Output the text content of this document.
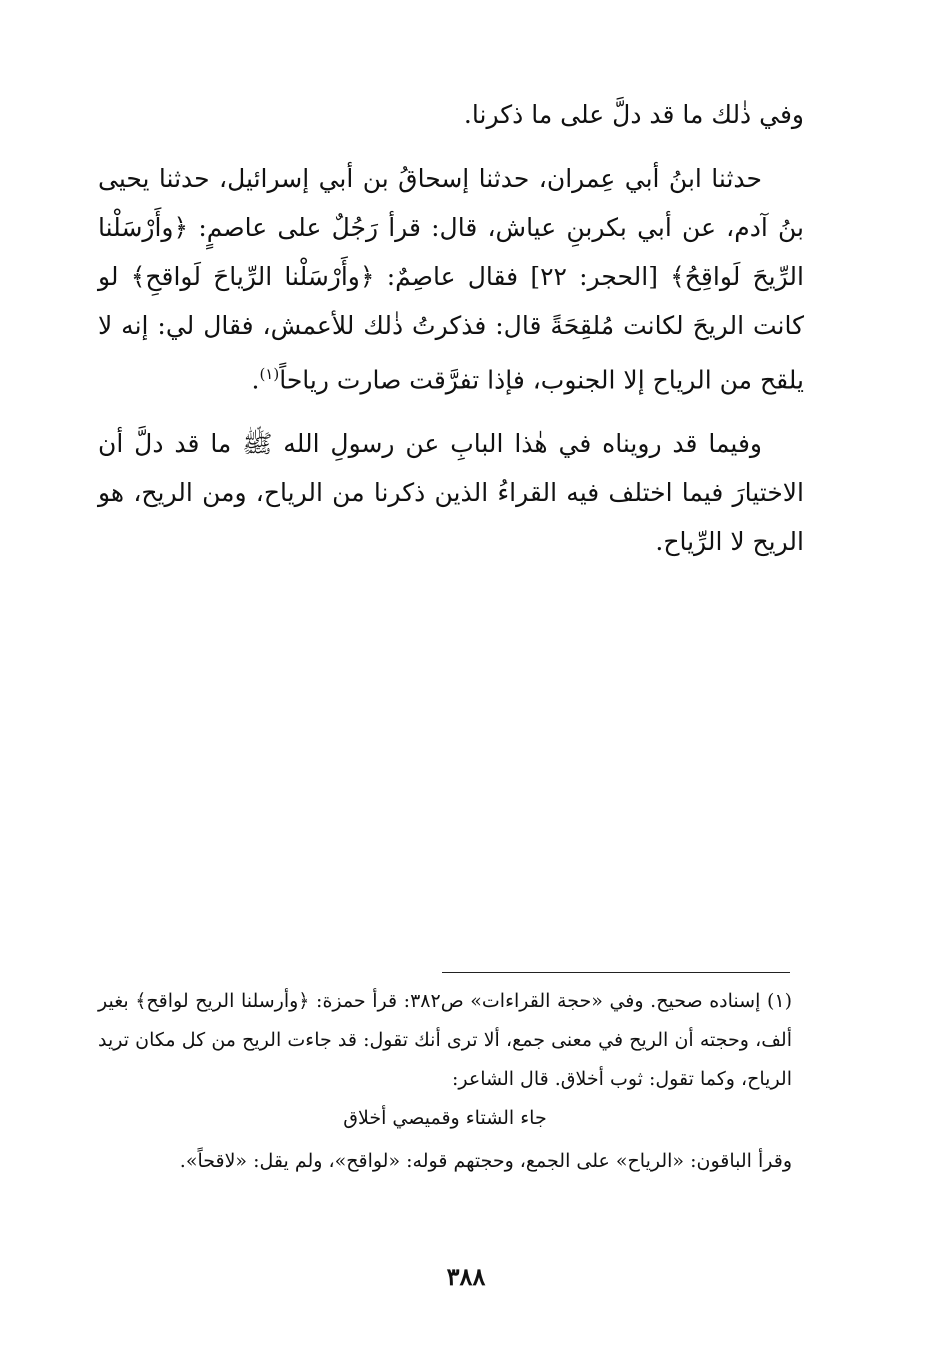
وفي ذٰلك ما قد دلَّ على ما ذكرنا.

حدثنا ابنُ أبي عِمران، حدثنا إسحاقُ بن أبي إسرائيل، حدثنا يحيى بنُ آدم، عن أبي بكربنِ عياش، قال: قرأ رَجُلٌ على عاصمٍ: ﴿وأَرْسَلْنا الرِّيحَ لَواقِحُ﴾ [الحجر: ٢٢] فقال عاصِمٌ: ﴿وأَرْسَلْنا الرِّياحَ لَواقحِ﴾ لو كانت الريحَ لكانت مُلقِحَةً قال: فذكرتُ ذٰلك للأعمش، فقال لي: إنه لا يلقح من الرياح إلا الجنوب، فإذا تفرَّقت صارت رياحاً$^{(١)}$.

وفيما قد رويناه في هٰذا البابِ عن رسولِ الله ﷺ ما قد دلَّ أن الاختيارَ فيما اختلف فيه القراءُ الذين ذكرنا من الرياح، ومن الريح، هو الريح لا الرِّياح.

(١) إسناده صحيح. وفي «حجة القراءات» ص٣٨٢: قرأ حمزة: ﴿وأرسلنا الريح لواقح﴾ بغير ألف، وحجته أن الريح في معنى جمع، ألا ترى أنك تقول: قد جاءت الريح من كل مكان تريد الرياح، وكما تقول: ثوب أخلاق. قال الشاعر:

جاء الشتاء وقميصي أخلاق

وقرأ الباقون: «الرياح» على الجمع، وحجتهم قوله: «لواقح»، ولم يقل: «لاقحاً».

٣٨٨
